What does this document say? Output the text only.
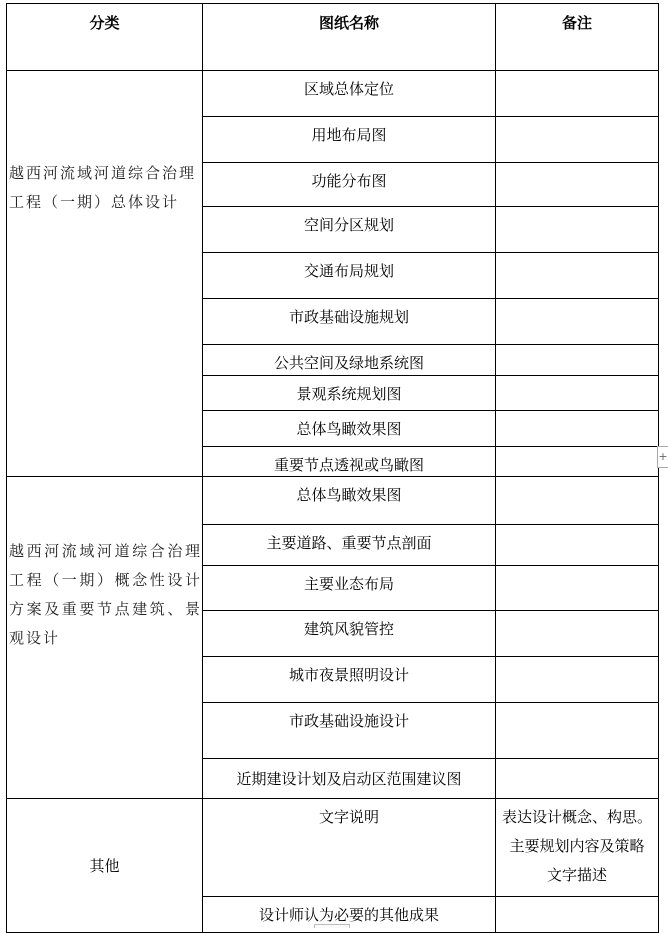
分类	图纸名称	备注
越西河流域河道综合治理工程（一期）总体设计	区域总体定位	
	用地布局图	
	功能分布图	
	空间分区规划	
	交通布局规划	
	市政基础设施规划	
	公共空间及绿地系统图	
	景观系统规划图	
	总体鸟瞰效果图	
	重要节点透视或鸟瞰图	
越西河流域河道综合治理工程（一期）概念性设计方案及重要节点建筑、景观设计	总体鸟瞰效果图	
	主要道路、重要节点剖面	
	主要业态布局	
	建筑风貌管控	
	城市夜景照明设计	
	市政基础设施设计	
	近期建设计划及启动区范围建议图	
其他	文字说明	表达设计概念、构思。
主要规划内容及策略
文字描述

	设计师认为必要的其他成果	
+
